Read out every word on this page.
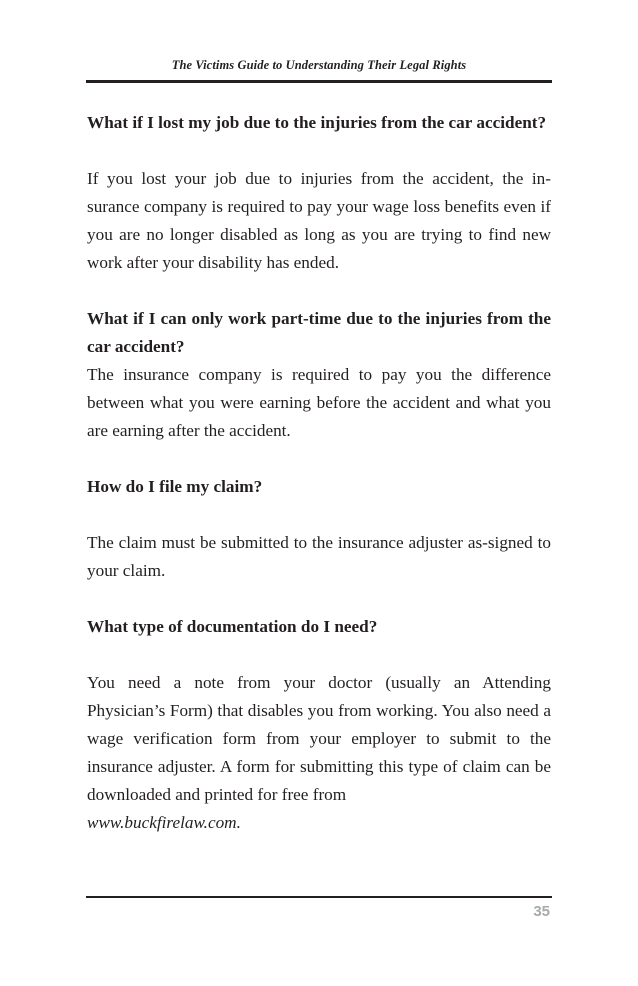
The Victims Guide to Understanding Their Legal Rights

What if I lost my job due to the injuries from the car accident?

If you lost your job due to injuries from the accident, the in-surance company is required to pay your wage loss benefits even if you are no longer disabled as long as you are trying to find new work after your disability has ended.

What if I can only work part-time due to the injuries from the car accident?

The insurance company is required to pay you the difference between what you were earning before the accident and what you are earning after the accident.

How do I file my claim?

The claim must be submitted to the insurance adjuster as-signed to your claim.

What type of documentation do I need?

You need a note from your doctor (usually an Attending Physician’s Form) that disables you from working. You also need a wage verification form from your employer to submit to the insurance adjuster. A form for submitting this type of claim can be downloaded and printed for free from

www.buckfirelaw.com.

35
